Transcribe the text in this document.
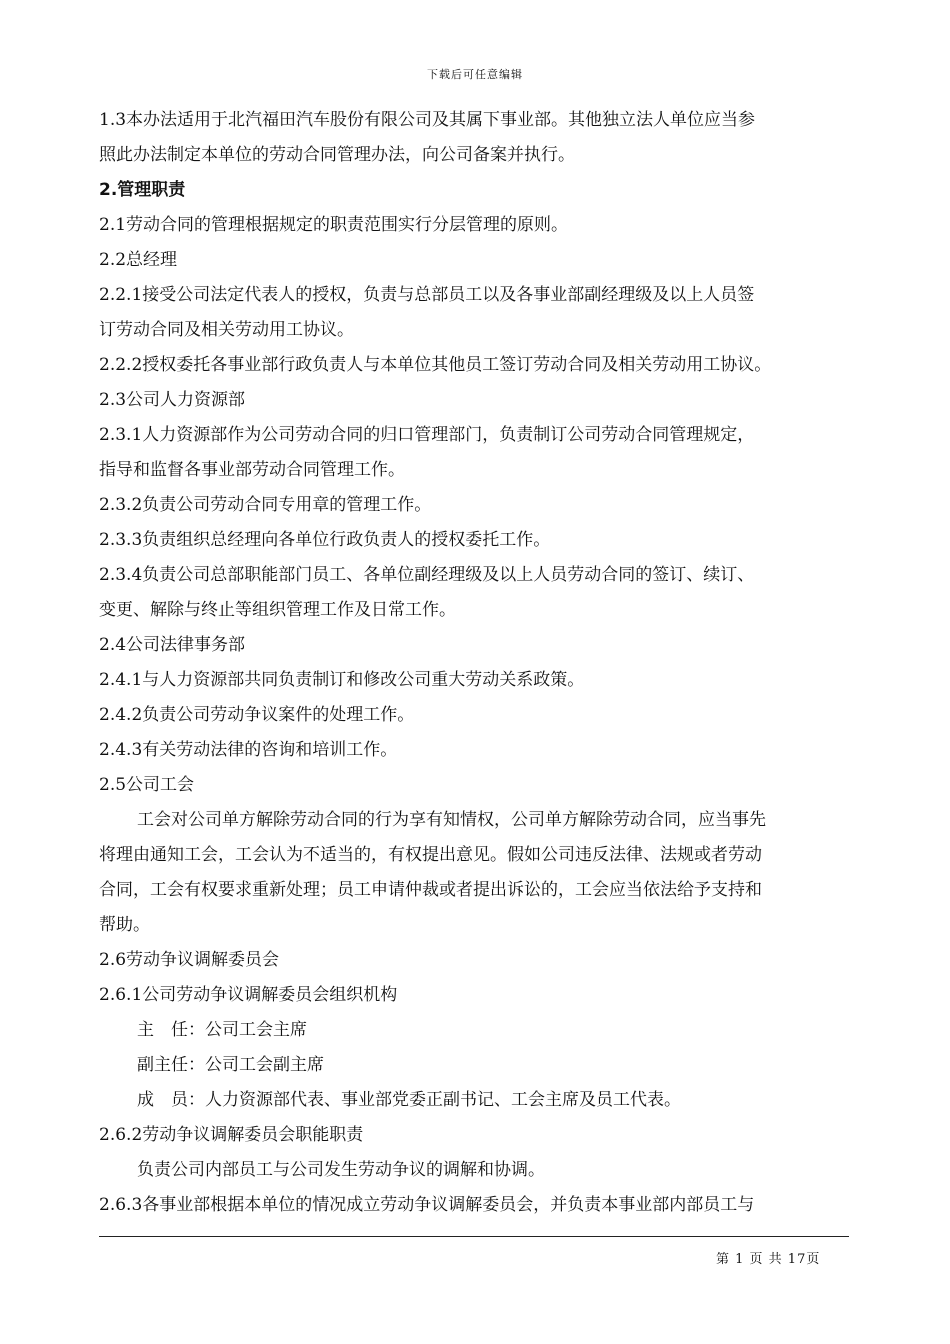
下载后可任意编辑
1.3本办法适用于北汽福田汽车股份有限公司及其属下事业部。其他独立法人单位应当参
照此办法制定本单位的劳动合同管理办法，向公司备案并执行。
2.管理职责
2.1劳动合同的管理根据规定的职责范围实行分层管理的原则。
2.2总经理
2.2.1接受公司法定代表人的授权，负责与总部员工以及各事业部副经理级及以上人员签
订劳动合同及相关劳动用工协议。
2.2.2授权委托各事业部行政负责人与本单位其他员工签订劳动合同及相关劳动用工协议。
2.3公司人力资源部
2.3.1人力资源部作为公司劳动合同的归口管理部门，负责制订公司劳动合同管理规定，
指导和监督各事业部劳动合同管理工作。
2.3.2负责公司劳动合同专用章的管理工作。
2.3.3负责组织总经理向各单位行政负责人的授权委托工作。
2.3.4负责公司总部职能部门员工、各单位副经理级及以上人员劳动合同的签订、续订、
变更、解除与终止等组织管理工作及日常工作。
2.4公司法律事务部
2.4.1与人力资源部共同负责制订和修改公司重大劳动关系政策。
2.4.2负责公司劳动争议案件的处理工作。
2.4.3有关劳动法律的咨询和培训工作。
2.5公司工会
工会对公司单方解除劳动合同的行为享有知情权，公司单方解除劳动合同，应当事先
将理由通知工会，工会认为不适当的，有权提出意见。假如公司违反法律、法规或者劳动
合同，工会有权要求重新处理；员工申请仲裁或者提出诉讼的，工会应当依法给予支持和
帮助。
2.6劳动争议调解委员会
2.6.1公司劳动争议调解委员会组织机构
主　任：公司工会主席
副主任：公司工会副主席
成　员：人力资源部代表、事业部党委正副书记、工会主席及员工代表。
2.6.2劳动争议调解委员会职能职责
负责公司内部员工与公司发生劳动争议的调解和协调。
2.6.3各事业部根据本单位的情况成立劳动争议调解委员会，并负责本事业部内部员工与
第 1 页 共 17页
